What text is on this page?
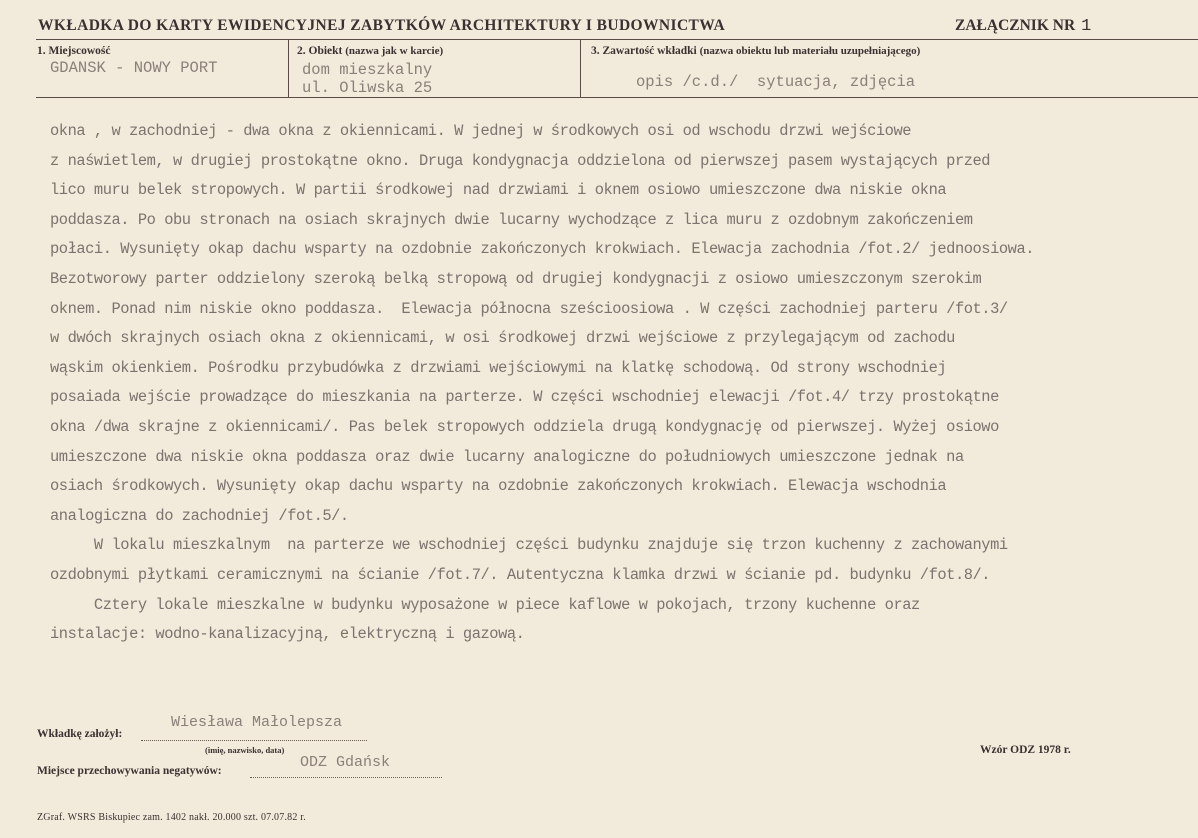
WKŁADKA DO KARTY EWIDENCYJNEJ ZABYTKÓW ARCHITEKTURY I BUDOWNICTWA	ZAŁĄCZNIK NR 1
1. Miejscowość
GDANSK - NOWY PORT
2. Obiekt (nazwa jak w karcie)
dom mieszkalny
ul. Oliwska 25
3. Zawartość wkładki (nazwa obiektu lub materiału uzupełniającego)
opis /c.d./  sytuacja, zdjęcia
okna , w zachodniej - dwa okna z okiennicami. W jednej w środkowych osi od wschodu drzwi wejściowe
z naświetlem, w drugiej prostokątne okno. Druga kondygnacja oddzielona od pierwszej pasem wystających przed
lico muru belek stropowych. W partii środkowej nad drzwiami i oknem osiowo umieszczone dwa niskie okna
poddasza. Po obu stronach na osiach skrajnych dwie lucarny wychodzące z lica muru z ozdobnym zakończeniem
połaci. Wysunięty okap dachu wsparty na ozdobnie zakończonych krokwiach. Elewacja zachodnia /fot.2/ jednoosiowa.
Bezotworowy parter oddzielony szeroką belką stropową od drugiej kondygnacji z osiowo umieszczonym szerokim
oknem. Ponad nim niskie okno poddasza.  Elewacja północna sześcioosiowa . W części zachodniej parteru /fot.3/
w dwóch skrajnych osiach okna z okiennicami, w osi środkowej drzwi wejściowe z przylegającym od zachodu
wąskim okienkiem. Pośrodku przybudówka z drzwiami wejściowymi na klatkę schodową. Od strony wschodniej
posaiada wejście prowadzące do mieszkania na parterze. W części wschodniej elewacji /fot.4/ trzy prostokątne
okna /dwa skrajne z okiennicami/. Pas belek stropowych oddziela drugą kondygnację od pierwszej. Wyżej osiowo
umieszczone dwa niskie okna poddasza oraz dwie lucarny analogiczne do południowych umieszczone jednak na
osiach środkowych. Wysunięty okap dachu wsparty na ozdobnie zakończonych krokwiach. Elewacja wschodnia
analogiczna do zachodniej /fot.5/.
W lokalu mieszkalnym  na parterze we wschodniej części budynku znajduje się trzon kuchenny z zachowanymi
ozdobnymi płytkami ceramicznymi na ścianie /fot.7/. Autentyczna klamka drzwi w ścianie pd. budynku /fot.8/.
Cztery lokale mieszkalne w budynku wyposażone w piece kaflowe w pokojach, trzony kuchenne oraz
instalacje: wodno-kanalizacyjną, elektryczną i gazową.
Wkładkę założył:
Wiesława Małolepsza
(imię, nazwisko, data)
Miejsce przechowywania negatywów:	ODZ Gdańsk
Wzór ODZ 1978 r.
ZGraf. WSRS Biskupiec zam. 1402 nakł. 20.000 szt. 07.07.82 r.
